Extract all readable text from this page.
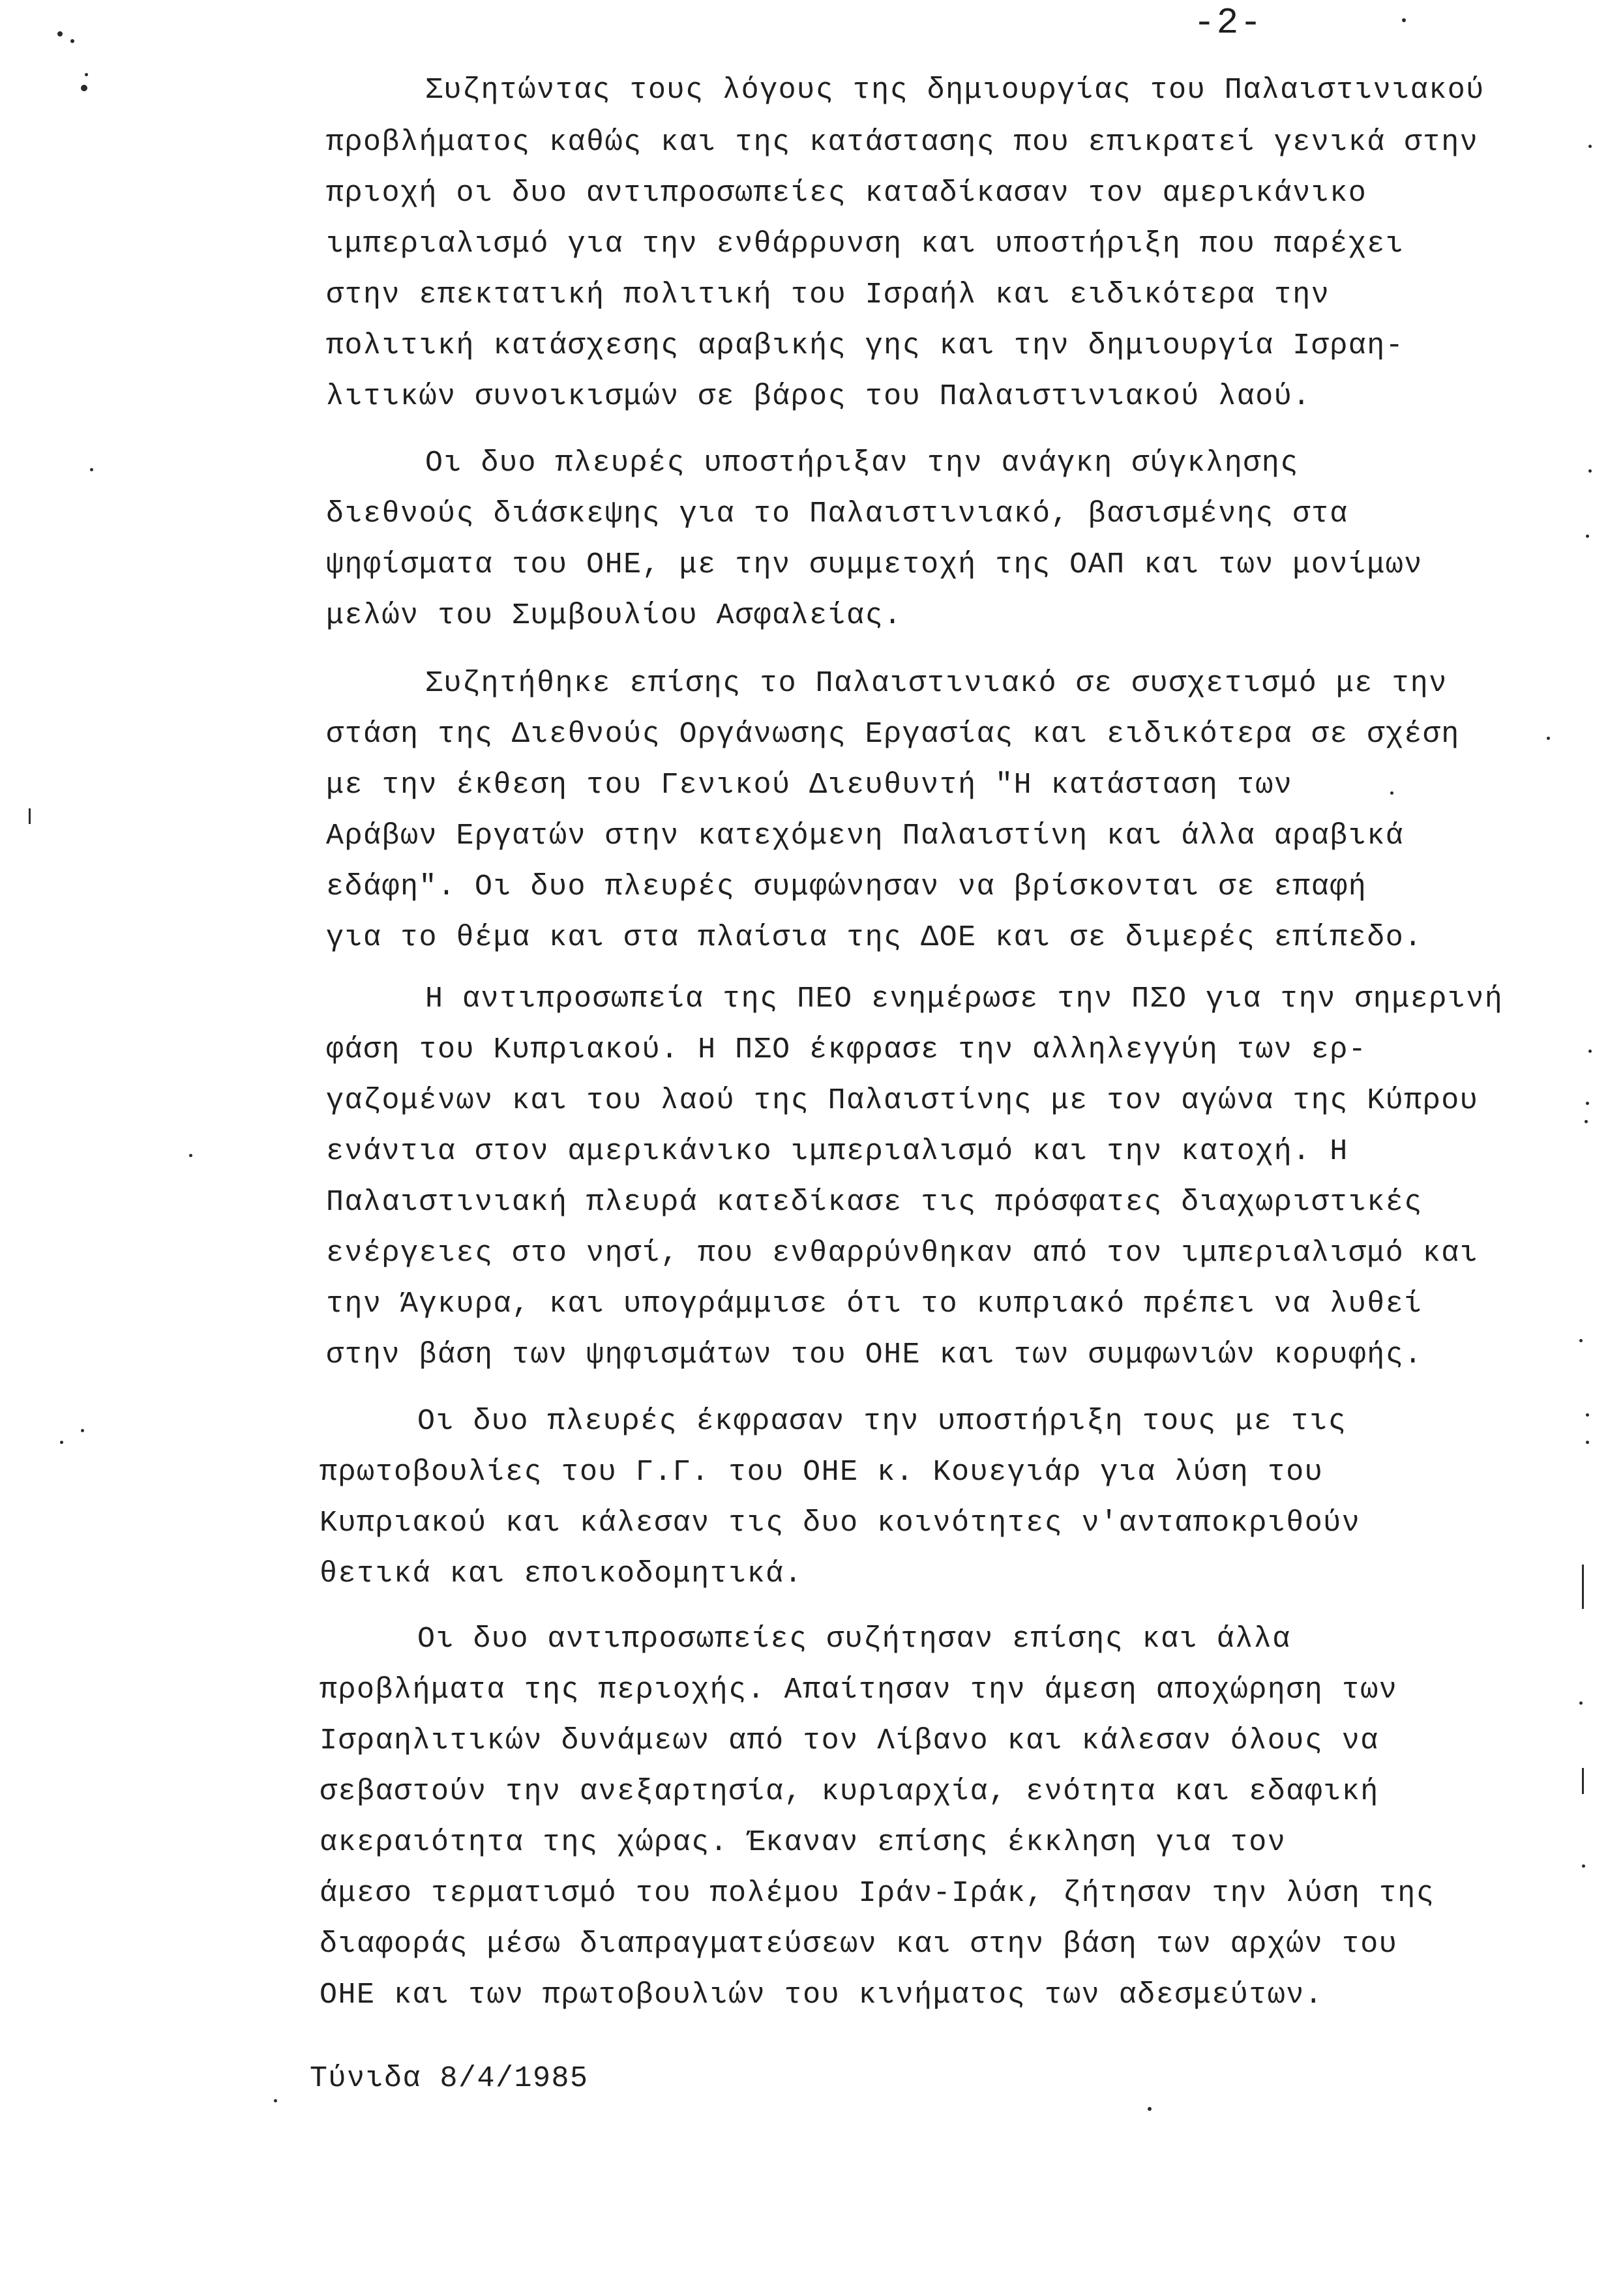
-2-
Συζητώντας τους λόγους της δημιουργίας του Παλαιστινιακού
προβλήματος καθώς και της κατάστασης που επικρατεί γενικά στην
πριοχή οι δυο αντιπροσωπείες καταδίκασαν τον αμερικάνικο
ιμπεριαλισμό για την ενθάρρυνση και υποστήριξη που παρέχει
στην επεκτατική πολιτική του Ισραήλ και ειδικότερα την
πολιτική κατάσχεσης αραβικής γης και την δημιουργία Ισραη-
λιτικών συνοικισμών σε βάρος του Παλαιστινιακού λαού.
Οι δυο πλευρές υποστήριξαν την ανάγκη σύγκλησης
διεθνούς διάσκεψης για το Παλαιστινιακό, βασισμένης στα
ψηφίσματα του ΟΗΕ, με την συμμετοχή της ΟΑΠ και των μονίμων
μελών του Συμβουλίου Ασφαλείας.
Συζητήθηκε επίσης το Παλαιστινιακό σε συσχετισμό με την
στάση της Διεθνούς Οργάνωσης Εργασίας και ειδικότερα σε σχέση
με την έκθεση του Γενικού Διευθυντή "Η κατάσταση των
Αράβων Εργατών στην κατεχόμενη Παλαιστίνη και άλλα αραβικά
εδάφη". Οι δυο πλευρές συμφώνησαν να βρίσκονται σε επαφή
για το θέμα και στα πλαίσια της ΔΟΕ και σε διμερές επίπεδο.
Η αντιπροσωπεία της ΠΕΟ ενημέρωσε την ΠΣΟ για την σημερινή
φάση του Κυπριακού. Η ΠΣΟ έκφρασε την αλληλεγγύη των ερ-
γαζομένων και του λαού της Παλαιστίνης με τον αγώνα της Κύπρου
ενάντια στον αμερικάνικο ιμπεριαλισμό και την κατοχή. Η
Παλαιστινιακή πλευρά κατεδίκασε τις πρόσφατες διαχωριστικές
ενέργειες στο νησί, που ενθαρρύνθηκαν από τον ιμπεριαλισμό και
την Άγκυρα, και υπογράμμισε ότι το κυπριακό πρέπει να λυθεί
στην βάση των ψηφισμάτων του ΟΗΕ και των συμφωνιών κορυφής.
Οι δυο πλευρές έκφρασαν την υποστήριξη τους με τις
πρωτοβουλίες του Γ.Γ. του ΟΗΕ κ. Κουεγιάρ για λύση του
Κυπριακού και κάλεσαν τις δυο κοινότητες ν'ανταποκριθούν
θετικά και εποικοδομητικά.
Οι δυο αντιπροσωπείες συζήτησαν επίσης και άλλα
προβλήματα της περιοχής. Απαίτησαν την άμεση αποχώρηση των
Ισραηλιτικών δυνάμεων από τον Λίβανο και κάλεσαν όλους να
σεβαστούν την ανεξαρτησία, κυριαρχία, ενότητα και εδαφική
ακεραιότητα της χώρας. Έκαναν επίσης έκκληση για τον
άμεσο τερματισμό του πολέμου Ιράν-Ιράκ, ζήτησαν την λύση της
διαφοράς μέσω διαπραγματεύσεων και στην βάση των αρχών του
ΟΗΕ και των πρωτοβουλιών του κινήματος των αδεσμεύτων.
Τύνιδα 8/4/1985
